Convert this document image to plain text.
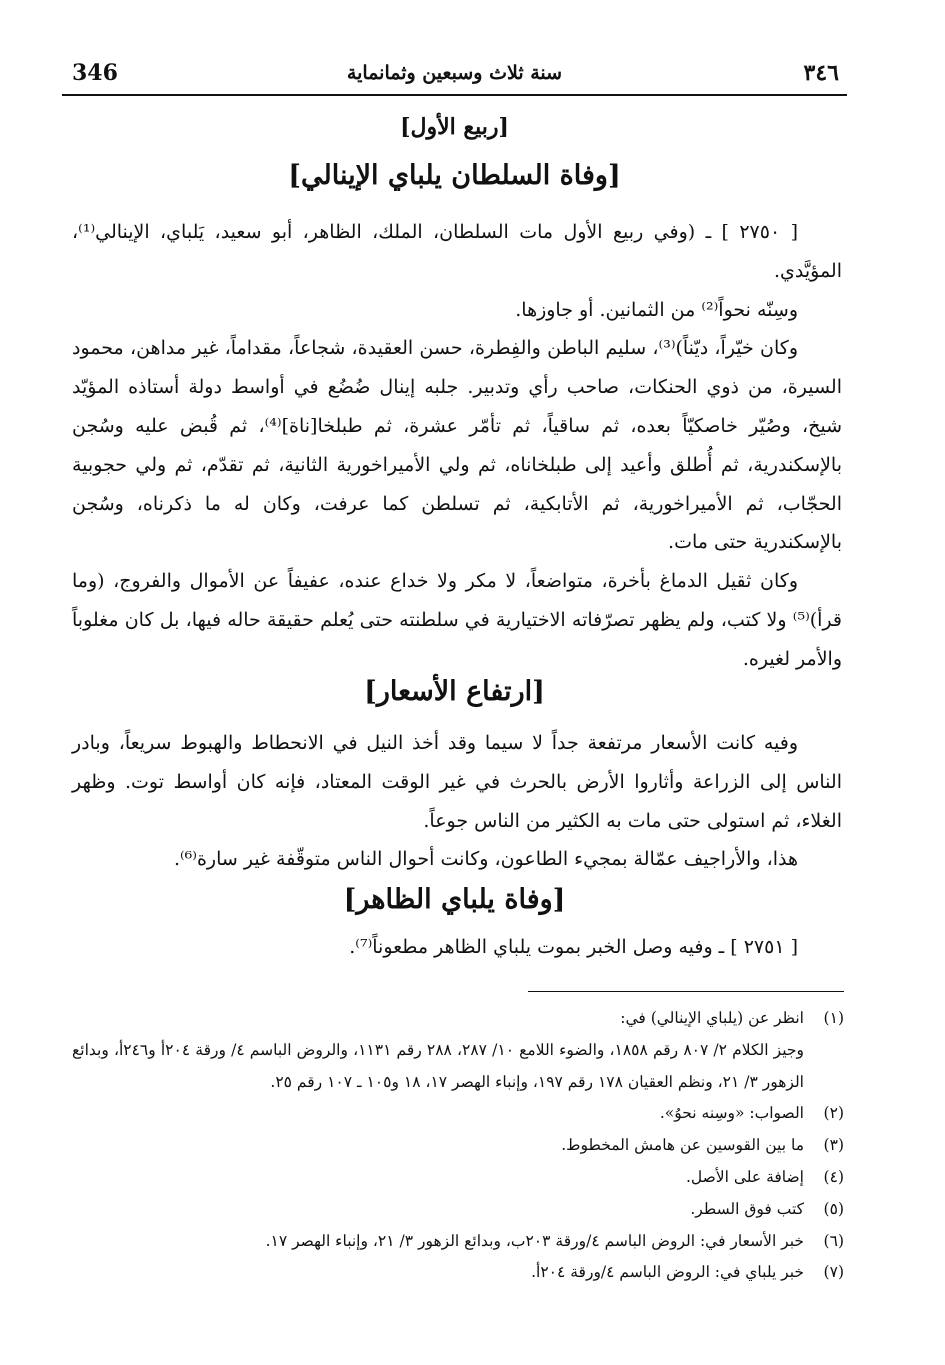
346	سنة ثلاث وسبعين وثمانماية	٣٤٦
[ربيع الأول]
[وفاة السلطان يلباي الإينالي]

[ ٢٧٥٠ ] ـ (وفي ربيع الأول مات السلطان، الملك، الظاهر، أبو سعيد، يَلباي، الإينالي⁽¹⁾، المؤيَّدي.

وسِنّه نحواً⁽²⁾ من الثمانين. أو جاوزها.

وكان خيّراً، ديّناً)⁽³⁾، سليم الباطن والفِطرة، حسن العقيدة، شجاعاً، مقداماً، غير مداهن، محمود السيرة، من ذوي الحنكات، صاحب رأي وتدبير. جلبه إينال ضُضُع في أواسط دولة أستاذه المؤيّد شيخ، وصُيّر خاصكيّاً بعده، ثم ساقياً، ثم تأمّر عشرة، ثم طبلخا[ناة]⁽⁴⁾، ثم قُبض عليه وسُجن بالإسكندرية، ثم أُطلق وأعيد إلى طبلخاناه، ثم ولي الأميراخورية الثانية، ثم تقدّم، ثم ولي حجوبية الحجّاب، ثم الأميراخورية، ثم الأتابكية، ثم تسلطن كما عرفت، وكان له ما ذكرناه، وسُجن بالإسكندرية حتى مات.

وكان ثقيل الدماغ بأخرة، متواضعاً، لا مكر ولا خداع عنده، عفيفاً عن الأموال والفروج، (وما قرأ)⁽⁵⁾ ولا كتب، ولم يظهر تصرّفاته الاختيارية في سلطنته حتى يُعلم حقيقة حاله فيها، بل كان مغلوباً والأمر لغيره.

[ارتفاع الأسعار]

وفيه كانت الأسعار مرتفعة جداً لا سيما وقد أخذ النيل في الانحطاط والهبوط سريعاً، وبادر الناس إلى الزراعة وأثاروا الأرض بالحرث في غير الوقت المعتاد، فإنه كان أواسط توت. وظهر الغلاء، ثم استولى حتى مات به الكثير من الناس جوعاً.

هذا، والأراجيف عمّالة بمجيء الطاعون، وكانت أحوال الناس متوقّفة غير سارة⁽⁶⁾.

[وفاة يلباي الظاهر]

[ ٢٧٥١ ] ـ وفيه وصل الخبر بموت يلباي الظاهر مطعوناً⁽⁷⁾.

(١)
انظر عن (يلباي الإينالي) في:
وجيز الكلام ٢/ ٨٠٧ رقم ١٨٥٨، والضوء اللامع ١٠/ ٢٨٧، ٢٨٨ رقم ١١٣١، والروض الباسم ٤/ ورقة ٢٠٤أ و٢٤٦أ، وبدائع الزهور ٣/ ٢١، ونظم العقيان ١٧٨ رقم ١٩٧، وإنباء الهصر ١٧، ١٨ و١٠٥ ـ ١٠٧ رقم ٢٥.
(٢)
الصواب: «وسِنه نحوُ».
(٣)
ما بين القوسين عن هامش المخطوط.
(٤)
إضافة على الأصل.
(٥)
كتب فوق السطر.
(٦)
خبر الأسعار في: الروض الباسم ٤/ورقة ٢٠٣ب، وبدائع الزهور ٣/ ٢١، وإنباء الهصر ١٧.
(٧)
خبر يلباي في: الروض الباسم ٤/ورقة ٢٠٤أ.
